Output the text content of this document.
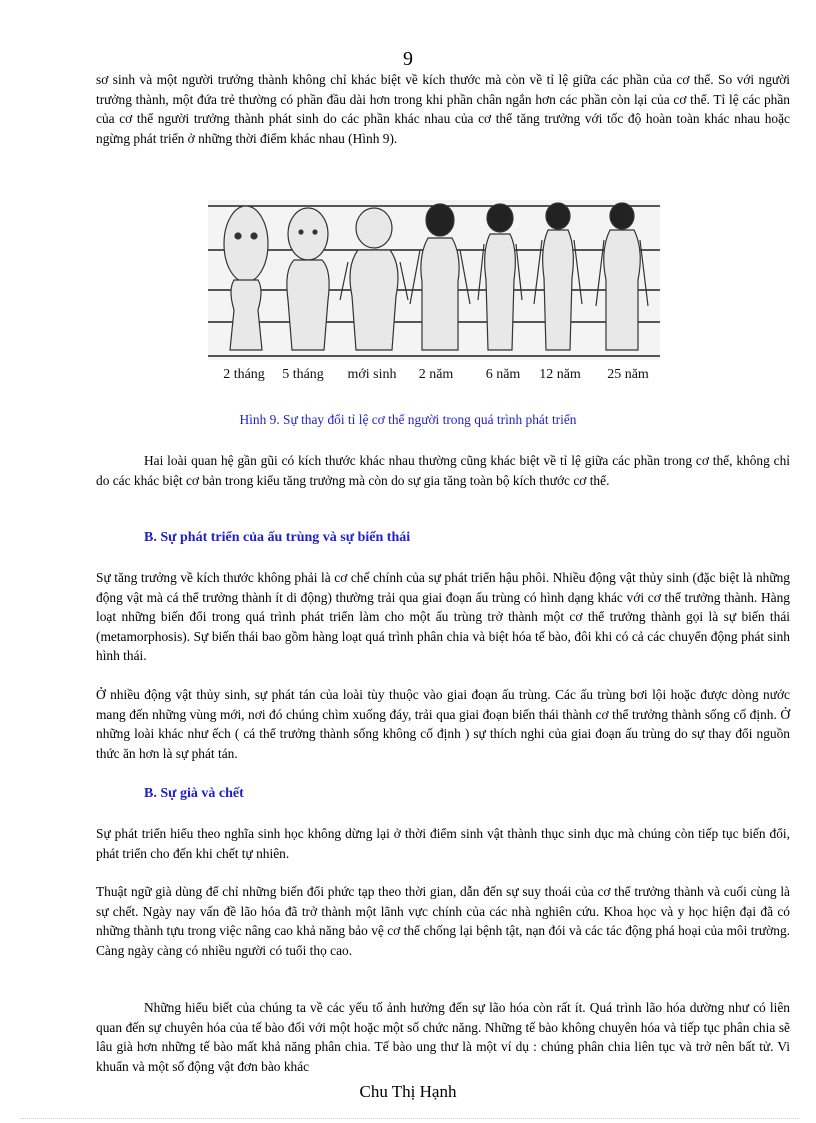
9

sơ sinh và một người trưởng thành không chỉ khác biệt về kích thước mà còn về tỉ lệ giữa các phần của cơ thể. So với người trưởng thành, một đứa trẻ thường có phần đầu dài hơn trong khi phần chân ngắn hơn các phần còn lại của cơ thể. Tỉ lệ các phần của cơ thể người trưởng thành phát sinh do các phần khác nhau của cơ thể tăng trưởng với tốc độ hoàn toàn khác nhau hoặc ngừng phát triển ở những thời điểm khác nhau (Hình 9).

2 tháng 5 tháng mới sinh 2 năm 6 năm 12 năm 25 năm

Hình 9. Sự thay đổi tỉ lệ cơ thể người trong quá trình phát triển

Hai loài quan hệ gần gũi có kích thước khác nhau thường cũng khác biệt về tỉ lệ giữa các phần trong cơ thể, không chỉ do các khác biệt cơ bản trong kiểu tăng trưởng mà còn do sự gia tăng toàn bộ kích thước cơ thể.

B. Sự phát triển của ấu trùng và sự biến thái

Sự tăng trưởng về kích thước không phải là cơ chế chính của sự phát triển hậu phôi. Nhiều động vật thủy sinh (đặc biệt là những động vật mà cá thể trưởng thành ít di động) thường trải qua giai đoạn ấu trùng có hình dạng khác với cơ thể trưởng thành. Hàng loạt những biến đổi trong quá trình phát triển làm cho một ấu trùng trở thành một cơ thể trưởng thành gọi là sự biến thái (metamorphosis). Sự biến thái bao gồm hàng loạt quá trình phân chia và biệt hóa tế bào, đôi khi có cả các chuyển động phát sinh hình thái.

Ở nhiều động vật thủy sinh, sự phát tán của loài tùy thuộc vào giai đoạn ấu trùng. Các ấu trùng bơi lội hoặc được dòng nước mang đến những vùng mới, nơi đó chúng chìm xuống đáy, trải qua giai đoạn biến thái thành cơ thể trưởng thành sống cố định. Ở những loài khác như ếch ( cá thể trưởng thành sống không cố định ) sự thích nghi của giai đoạn ấu trùng do sự thay đổi nguồn thức ăn hơn là sự phát tán.

B. Sự già và chết

Sự phát triển hiểu theo nghĩa sinh học không dừng lại ở thời điểm sinh vật thành thục sinh dục mà chúng còn tiếp tục biến đổi, phát triển cho đến khi chết tự nhiên.

Thuật ngữ già dùng để chỉ những biến đổi phức tạp theo thời gian, dẫn đến sự suy thoái của cơ thể trưởng thành và cuối cùng là sự chết. Ngày nay vấn đề lão hóa đã trở thành một lãnh vực chính của các nhà nghiên cứu. Khoa học và y học hiện đại đã có những thành tựu trong việc nâng cao khả năng bảo vệ cơ thể chống lại bệnh tật, nạn đói và các tác động phá hoại của môi trường. Càng ngày càng có nhiều người có tuổi thọ cao.

Những hiểu biết của chúng ta về các yếu tố ảnh hưởng đến sự lão hóa còn rất ít. Quá trình lão hóa dường như có liên quan đến sự chuyên hóa của tế bào đối với một hoặc một số chức năng. Những tế bào không chuyên hóa và tiếp tục phân chia sẽ lâu già hơn những tế bào mất khả năng phân chia. Tế bào ung thư là một ví dụ : chúng phân chia liên tục và trở nên bất tử. Vi khuẩn và một số động vật đơn bào khác

Chu Thị Hạnh
